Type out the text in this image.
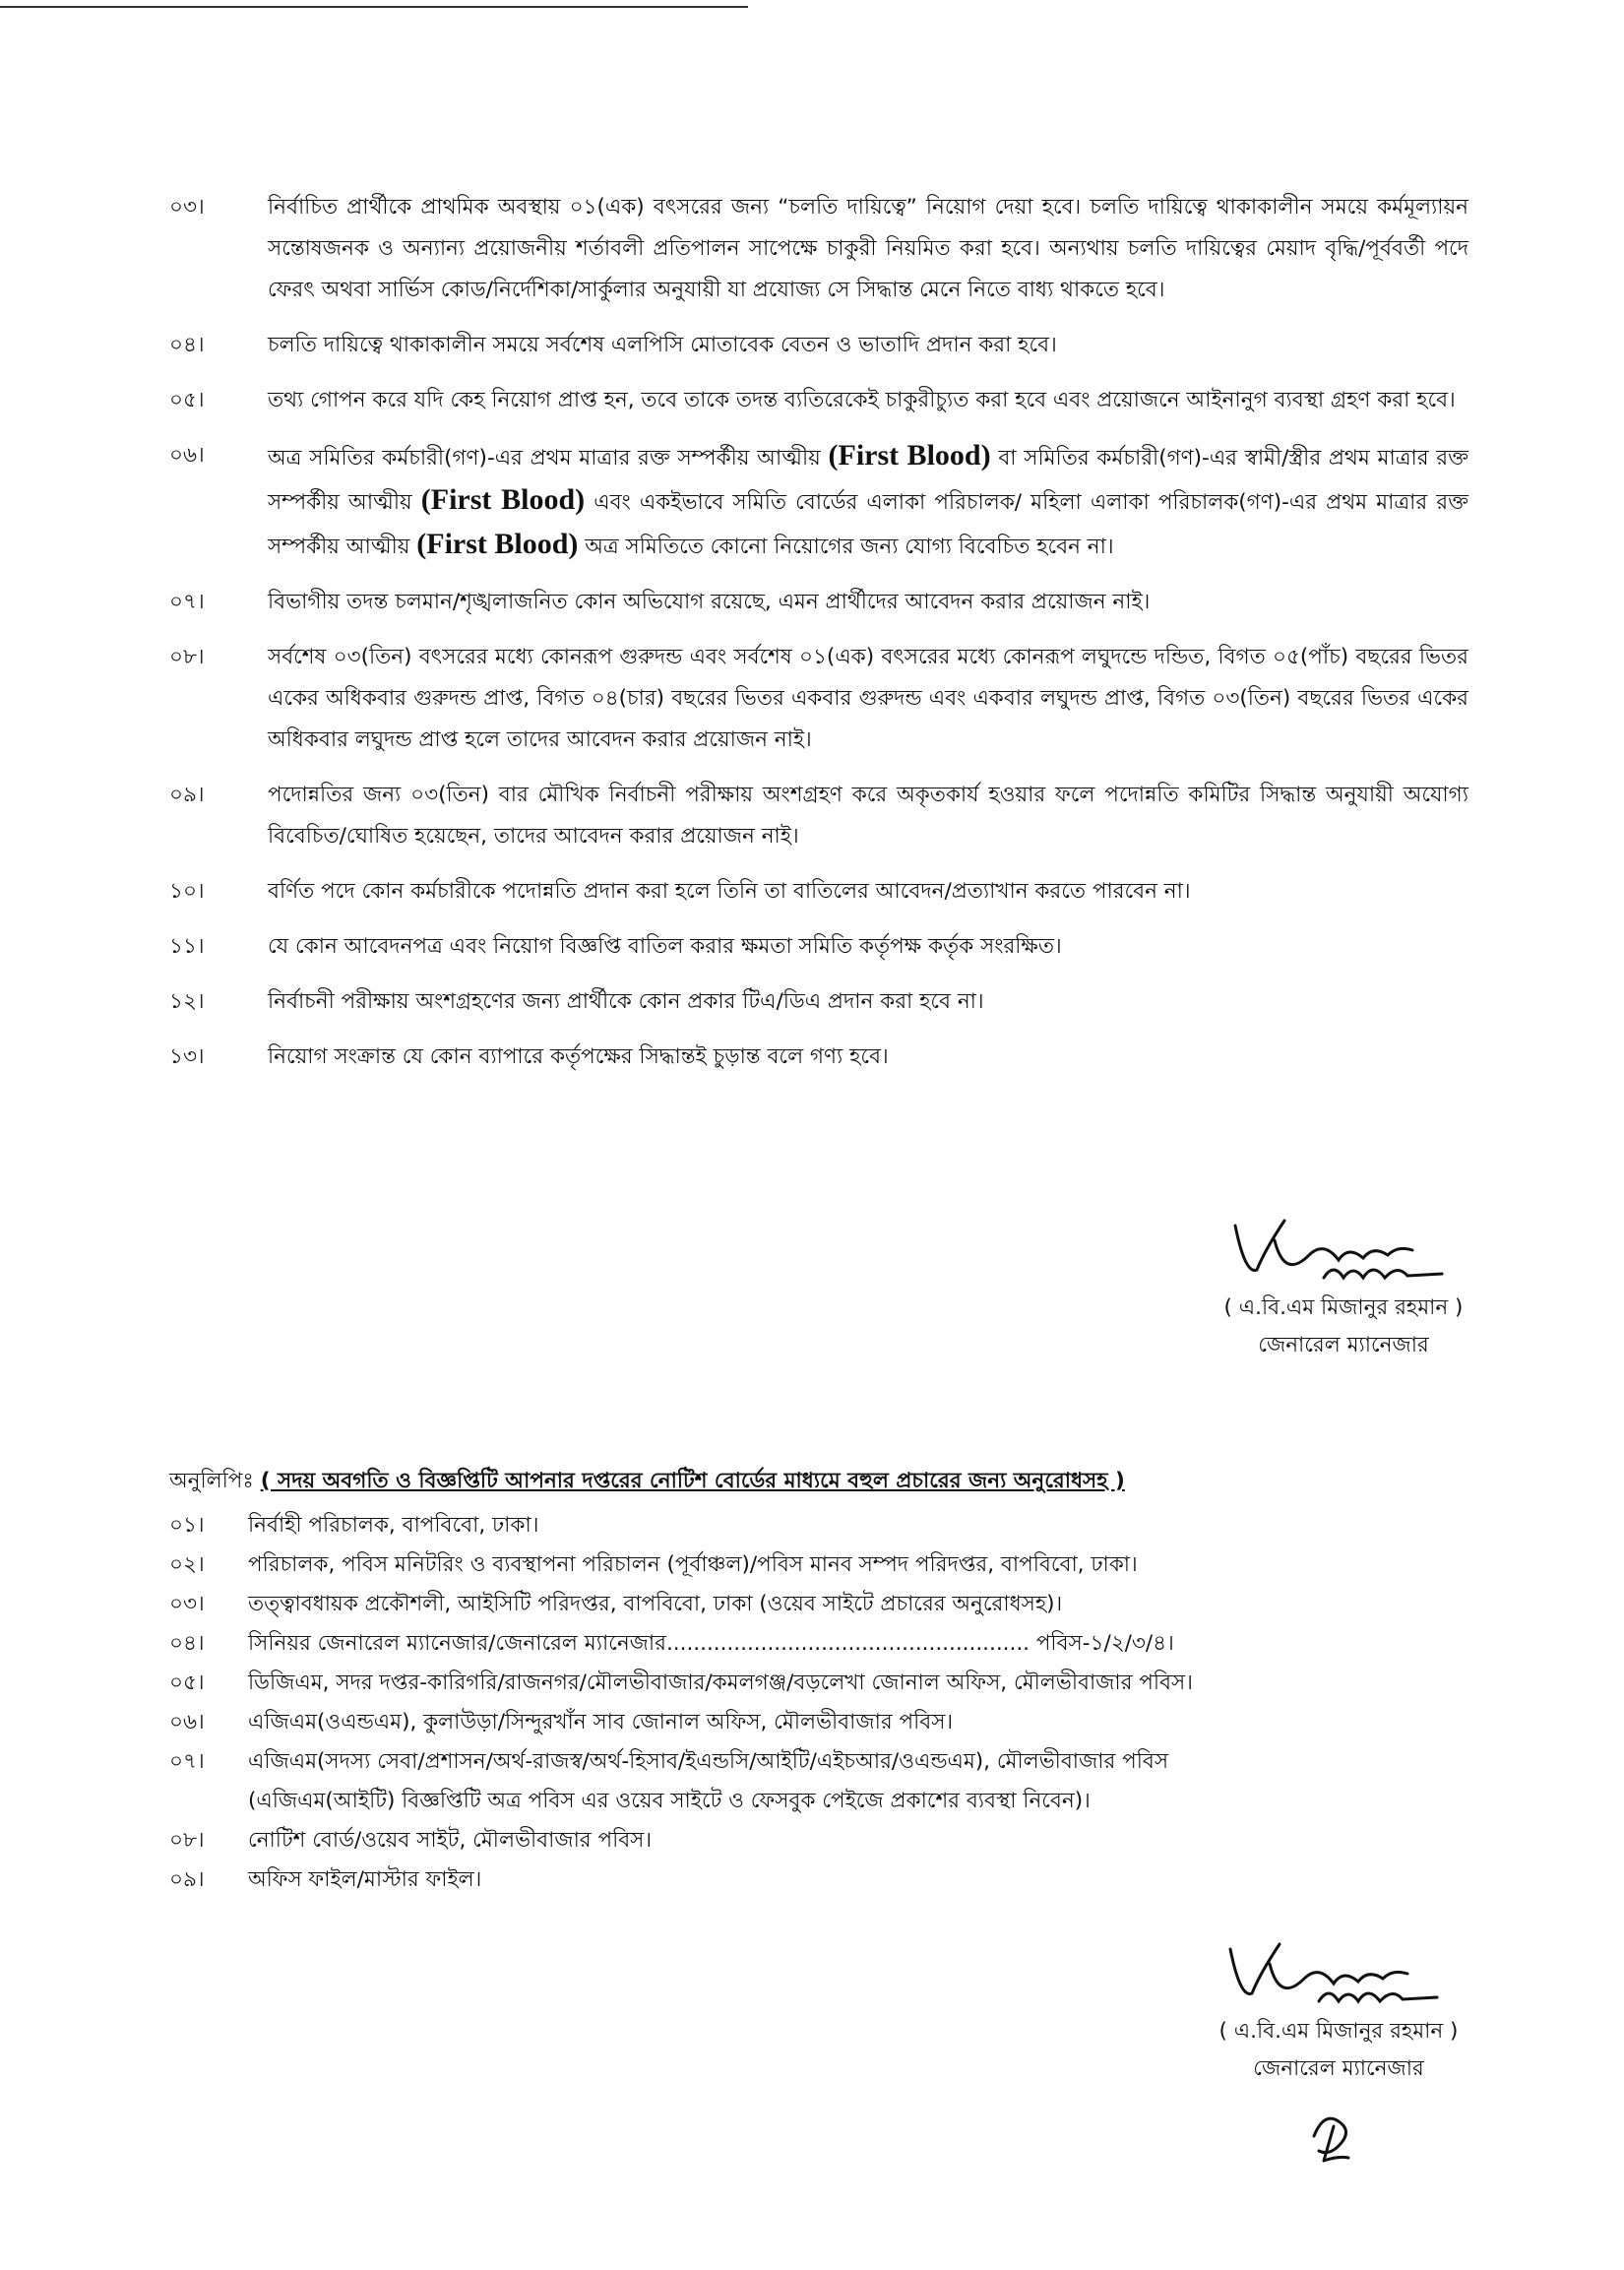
০৩।	নির্বাচিত প্রার্থীকে প্রাথমিক অবস্থায় ০১(এক) বৎসরের জন্য “চলতি দায়িত্বে” নিয়োগ দেয়া হবে। চলতি দায়িত্বে থাকাকালীন সময়ে কর্মমূল্যায়ন সন্তোষজনক ও অন্যান্য প্রয়োজনীয় শর্তাবলী প্রতিপালন সাপেক্ষে চাকুরী নিয়মিত করা হবে। অন্যথায় চলতি দায়িত্বের মেয়াদ বৃদ্ধি/পূর্ববর্তী পদে ফেরৎ অথবা সার্ভিস কোড/নির্দেশিকা/সার্কুলার অনুযায়ী যা প্রযোজ্য সে সিদ্ধান্ত মেনে নিতে বাধ্য থাকতে হবে।
০৪।	চলতি দায়িত্বে থাকাকালীন সময়ে সর্বশেষ এলপিসি মোতাবেক বেতন ও ভাতাদি প্রদান করা হবে।
০৫।	তথ্য গোপন করে যদি কেহ নিয়োগ প্রাপ্ত হন, তবে তাকে তদন্ত ব্যতিরেকেই চাকুরীচ্যুত করা হবে এবং প্রয়োজনে আইনানুগ ব্যবস্থা গ্রহণ করা হবে।
০৬।	অত্র সমিতির কর্মচারী(গণ)-এর প্রথম মাত্রার রক্ত সম্পর্কীয় আত্মীয় (First Blood) বা সমিতির কর্মচারী(গণ)-এর স্বামী/স্ত্রীর প্রথম মাত্রার রক্ত সম্পর্কীয় আত্মীয় (First Blood) এবং একইভাবে সমিতি বোর্ডের এলাকা পরিচালক/ মহিলা এলাকা পরিচালক(গণ)-এর প্রথম মাত্রার রক্ত সম্পর্কীয় আত্মীয় (First Blood) অত্র সমিতিতে কোনো নিয়োগের জন্য যোগ্য বিবেচিত হবেন না।
০৭।	বিভাগীয় তদন্ত চলমান/শৃঙ্খলাজনিত কোন অভিযোগ রয়েছে, এমন প্রার্থীদের আবেদন করার প্রয়োজন নাই।
০৮।	সর্বশেষ ০৩(তিন) বৎসরের মধ্যে কোনরূপ গুরুদন্ড এবং সর্বশেষ ০১(এক) বৎসরের মধ্যে কোনরূপ লঘুদন্ডে দন্ডিত, বিগত ০৫(পাঁচ) বছরের ভিতর একের অধিকবার গুরুদন্ড প্রাপ্ত, বিগত ০৪(চার) বছরের ভিতর একবার গুরুদন্ড এবং একবার লঘুদন্ড প্রাপ্ত, বিগত ০৩(তিন) বছরের ভিতর একের অধিকবার লঘুদন্ড প্রাপ্ত হলে তাদের আবেদন করার প্রয়োজন নাই।
০৯।	পদোন্নতির জন্য ০৩(তিন) বার মৌখিক নির্বাচনী পরীক্ষায় অংশগ্রহণ করে অকৃতকার্য হওয়ার ফলে পদোন্নতি কমিটির সিদ্ধান্ত অনুযায়ী অযোগ্য বিবেচিত/ঘোষিত হয়েছেন, তাদের আবেদন করার প্রয়োজন নাই।
১০।	বর্ণিত পদে কোন কর্মচারীকে পদোন্নতি প্রদান করা হলে তিনি তা বাতিলের আবেদন/প্রত্যাখান করতে পারবেন না।
১১।	যে কোন আবেদনপত্র এবং নিয়োগ বিজ্ঞপ্তি বাতিল করার ক্ষমতা সমিতি কর্তৃপক্ষ কর্তৃক সংরক্ষিত।
১২।	নির্বাচনী পরীক্ষায় অংশগ্রহণের জন্য প্রার্থীকে কোন প্রকার টিএ/ডিএ প্রদান করা হবে না।
১৩।	নিয়োগ সংক্রান্ত যে কোন ব্যাপারে কর্তৃপক্ষের সিদ্ধান্তই চুড়ান্ত বলে গণ্য হবে।
( এ.বি.এম মিজানুর রহমান )
জেনারেল ম্যানেজার
অনুলিপিঃ ( সদয় অবগতি ও বিজ্ঞপ্তিটি আপনার দপ্তরের নোটিশ বোর্ডের মাধ্যমে বহুল প্রচারের জন্য অনুরোধসহ )
০১।	নির্বাহী পরিচালক, বাপবিবো, ঢাকা।
০২।	পরিচালক, পবিস মনিটরিং ও ব্যবস্থাপনা পরিচালন (পূর্বাঞ্চল)/পবিস মানব সম্পদ পরিদপ্তর, বাপবিবো, ঢাকা।
০৩।	তত্ত্বাবধায়ক প্রকৌশলী, আইসিটি পরিদপ্তর, বাপবিবো, ঢাকা (ওয়েব সাইটে প্রচারের অনুরোধসহ)।
০৪।	সিনিয়র জেনারেল ম্যানেজার/জেনারেল ম্যানেজার...................................................... পবিস-১/২/৩/৪।
০৫।	ডিজিএম, সদর দপ্তর-কারিগরি/রাজনগর/মৌলভীবাজার/কমলগঞ্জ/বড়লেখা জোনাল অফিস, মৌলভীবাজার পবিস।
০৬।	এজিএম(ওএন্ডএম), কুলাউড়া/সিন্দুরখাঁন সাব জোনাল অফিস, মৌলভীবাজার পবিস।
০৭।	এজিএম(সদস্য সেবা/প্রশাসন/অর্থ-রাজস্ব/অর্থ-হিসাব/ইএন্ডসি/আইটি/এইচআর/ওএন্ডএম), মৌলভীবাজার পবিস
(এজিএম(আইটি) বিজ্ঞপ্তিটি অত্র পবিস এর ওয়েব সাইটে ও ফেসবুক পেইজে প্রকাশের ব্যবস্থা নিবেন)।
০৮।	নোটিশ বোর্ড/ওয়েব সাইট, মৌলভীবাজার পবিস।
০৯।	অফিস ফাইল/মাস্টার ফাইল।
( এ.বি.এম মিজানুর রহমান )
জেনারেল ম্যানেজার
